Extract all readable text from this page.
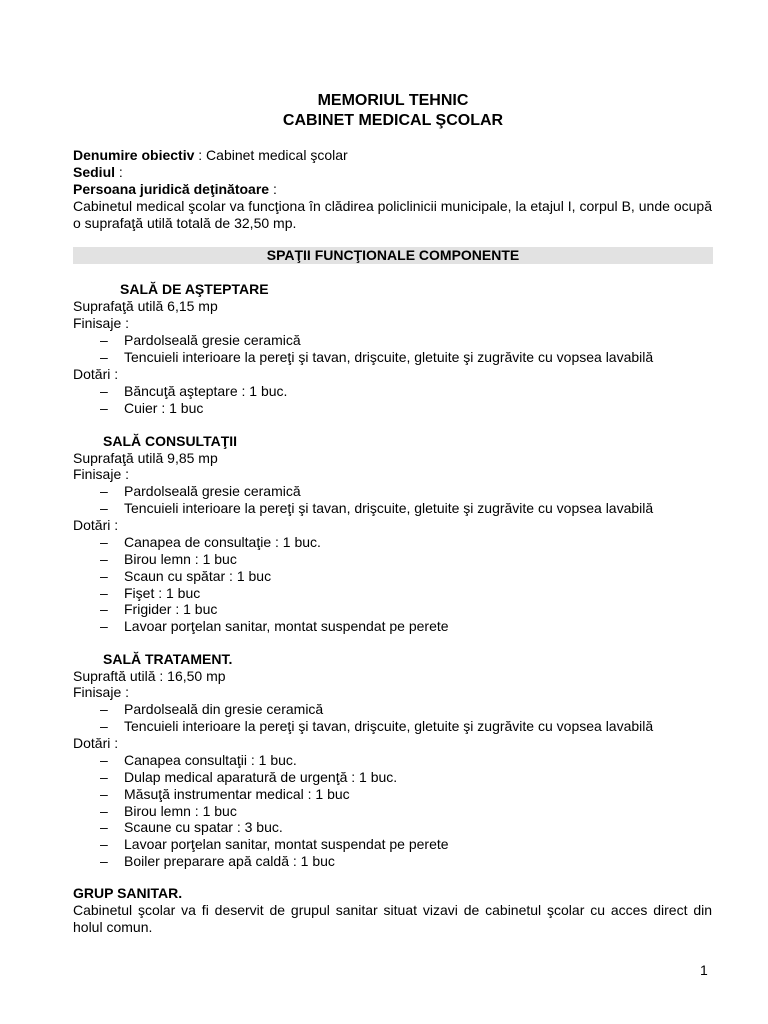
MEMORIUL TEHNIC
CABINET MEDICAL ŞCOLAR
Denumire obiectiv : Cabinet medical şcolar
Sediul :
Persoana juridică deţinătoare :
Cabinetul medical şcolar va funcţiona în clădirea policlinicii municipale, la etajul I, corpul B, unde ocupă o suprafaţă utilă totală de 32,50 mp.
SPAŢII FUNCŢIONALE COMPONENTE
SALĂ DE AŞTEPTARE
Suprafaţă utilă 6,15 mp
Finisaje :
– Pardolseală gresie ceramică
– Tencuieli interioare la pereţi şi tavan, drişcuite, gletuite şi zugrăvite cu vopsea lavabilă
Dotări :
– Băncuţă aşteptare : 1 buc.
– Cuier : 1 buc
SALĂ CONSULTAŢII
Suprafaţă utilă 9,85 mp
Finisaje :
– Pardolseală gresie ceramică
– Tencuieli interioare la pereţi şi tavan, drişcuite, gletuite şi zugrăvite cu vopsea lavabilă
Dotări :
– Canapea de consultaţie : 1 buc.
– Birou lemn : 1 buc
– Scaun cu spătar : 1 buc
– Fişet : 1 buc
– Frigider : 1 buc
– Lavoar porţelan sanitar, montat suspendat pe perete
SALĂ TRATAMENT.
Supraftă utilă : 16,50 mp
Finisaje :
– Pardolseală din gresie ceramică
– Tencuieli interioare la pereţi şi tavan, drişcuite, gletuite şi zugrăvite cu vopsea lavabilă
Dotări :
– Canapea consultaţii : 1 buc.
– Dulap medical aparatură de urgenţă : 1 buc.
– Măsuţă instrumentar medical : 1 buc
– Birou lemn : 1 buc
– Scaune cu spatar : 3 buc.
– Lavoar porţelan sanitar, montat suspendat pe perete
– Boiler preparare apă caldă : 1 buc
GRUP SANITAR.
Cabinetul şcolar va fi deservit de grupul sanitar situat vizavi de cabinetul şcolar cu acces direct din holul comun.
1
